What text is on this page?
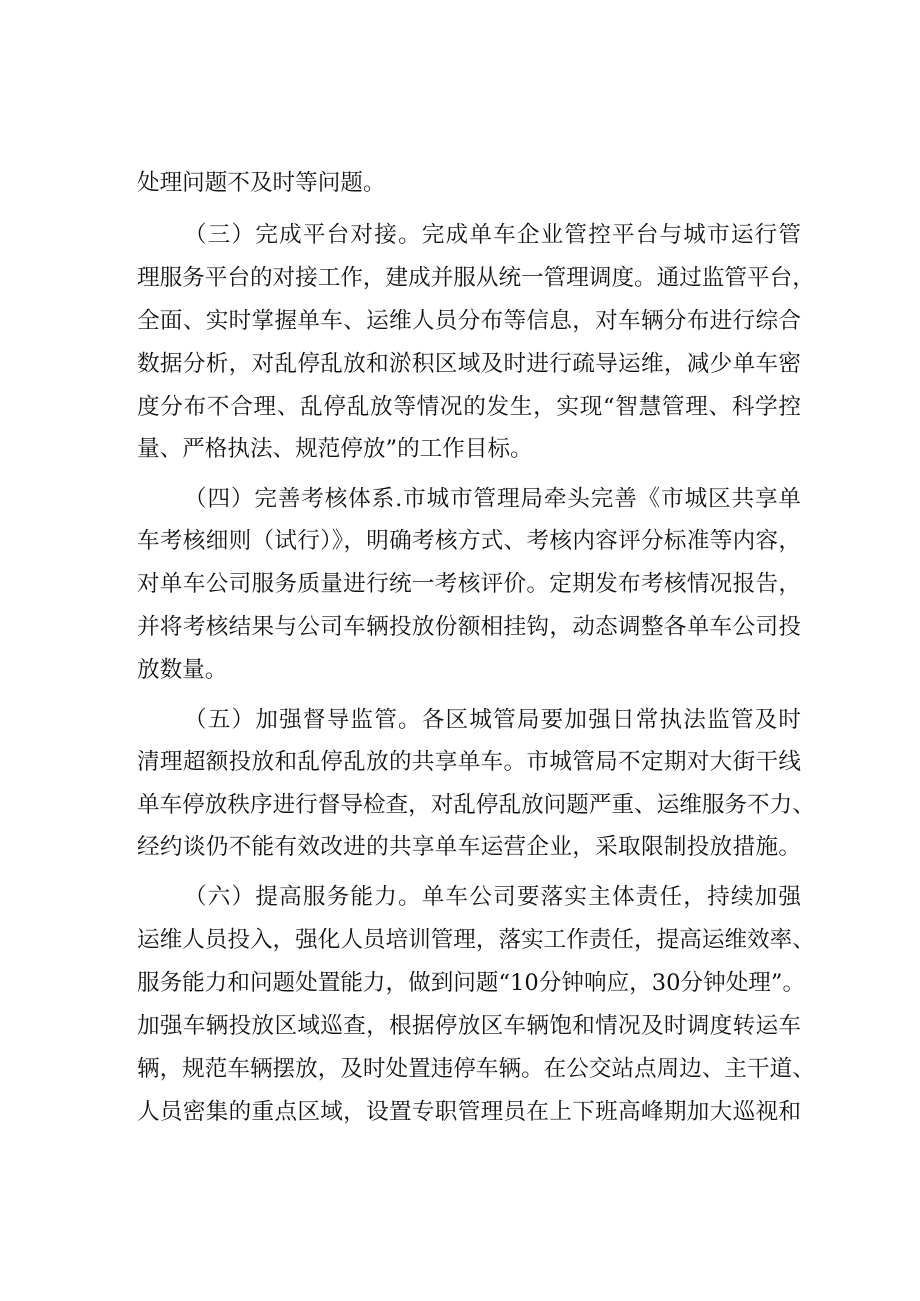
处理问题不及时等问题。
（三）完成平台对接。完成单车企业管控平台与城市运行管
理服务平台的对接工作，建成并服从统一管理调度。通过监管平台，
全面、实时掌握单车、运维人员分布等信息，对车辆分布进行综合
数据分析，对乱停乱放和淤积区域及时进行疏导运维，减少单车密
度分布不合理、乱停乱放等情况的发生，实现“智慧管理、科学控
量、严格执法、规范停放”的工作目标。
（四）完善考核体系.市城市管理局牵头完善《市城区共享单
车考核细则（试行）》，明确考核方式、考核内容评分标准等内容，
对单车公司服务质量进行统一考核评价。定期发布考核情况报告，
并将考核结果与公司车辆投放份额相挂钩，动态调整各单车公司投
放数量。
（五）加强督导监管。各区城管局要加强日常执法监管及时
清理超额投放和乱停乱放的共享单车。市城管局不定期对大街干线
单车停放秩序进行督导检查，对乱停乱放问题严重、运维服务不力、
经约谈仍不能有效改进的共享单车运营企业，采取限制投放措施。
（六）提高服务能力。单车公司要落实主体责任，持续加强
运维人员投入，强化人员培训管理，落实工作责任，提高运维效率、
服务能力和问题处置能力，做到问题“10分钟响应，30分钟处理”。
加强车辆投放区域巡查，根据停放区车辆饱和情况及时调度转运车
辆，规范车辆摆放，及时处置违停车辆。在公交站点周边、主干道、
人员密集的重点区域，设置专职管理员在上下班高峰期加大巡视和
